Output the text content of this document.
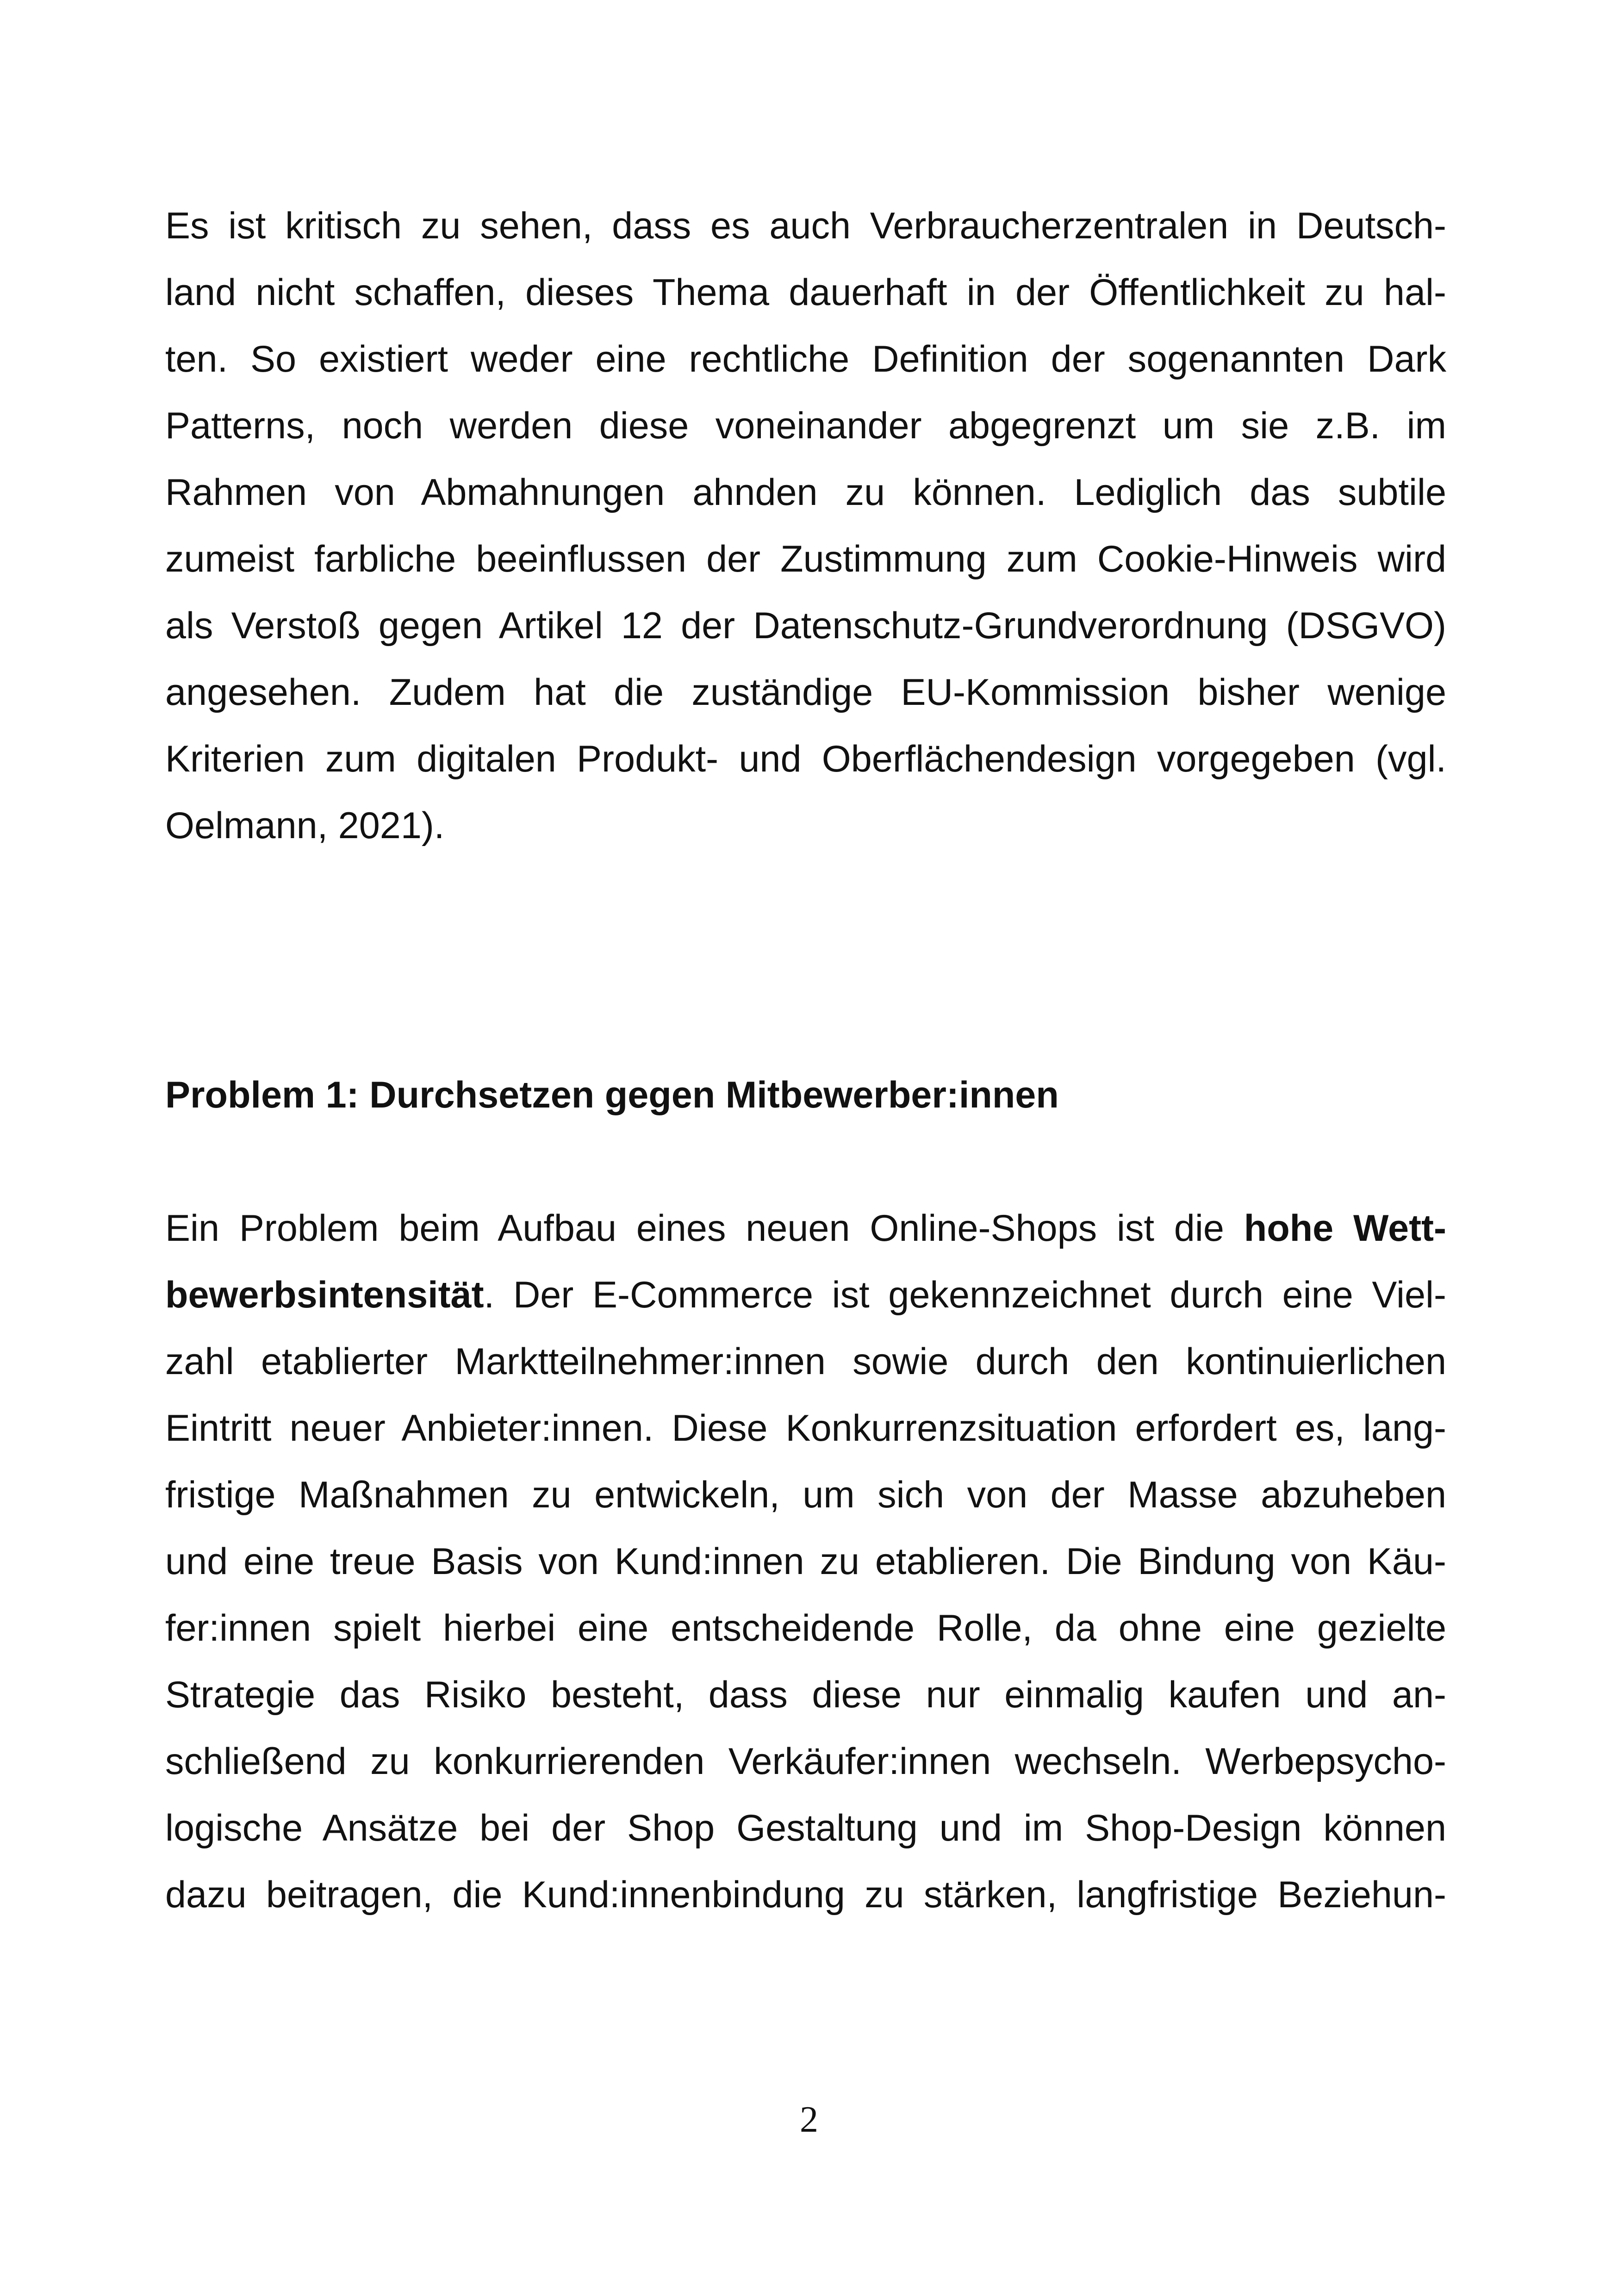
Es ist kritisch zu sehen, dass es auch Verbraucherzentralen in Deutsch-
land nicht schaffen, dieses Thema dauerhaft in der Öffentlichkeit zu hal-
ten. So existiert weder eine rechtliche Definition der sogenannten Dark
Patterns, noch werden diese voneinander abgegrenzt um sie z.B. im
Rahmen von Abmahnungen ahnden zu können. Lediglich das subtile
zumeist farbliche beeinflussen der Zustimmung zum Cookie-Hinweis wird
als Verstoß gegen Artikel 12 der Datenschutz-Grundverordnung (DSGVO)
angesehen. Zudem hat die zuständige EU-Kommission bisher wenige
Kriterien zum digitalen Produkt- und Oberflächendesign vorgegeben (vgl.
Oelmann, 2021).
Problem 1: Durchsetzen gegen Mitbewerber:innen
Ein Problem beim Aufbau eines neuen Online-Shops ist die hohe Wett-
bewerbsintensität. Der E-Commerce ist gekennzeichnet durch eine Viel-
zahl etablierter Marktteilnehmer:innen sowie durch den kontinuierlichen
Eintritt neuer Anbieter:innen. Diese Konkurrenzsituation erfordert es, lang-
fristige Maßnahmen zu entwickeln, um sich von der Masse abzuheben
und eine treue Basis von Kund:innen zu etablieren. Die Bindung von Käu-
fer:innen spielt hierbei eine entscheidende Rolle, da ohne eine gezielte
Strategie das Risiko besteht, dass diese nur einmalig kaufen und an-
schließend zu konkurrierenden Verkäufer:innen wechseln. Werbepsycho-
logische Ansätze bei der Shop Gestaltung und im Shop-Design können
dazu beitragen, die Kund:innenbindung zu stärken, langfristige Beziehun-
2
